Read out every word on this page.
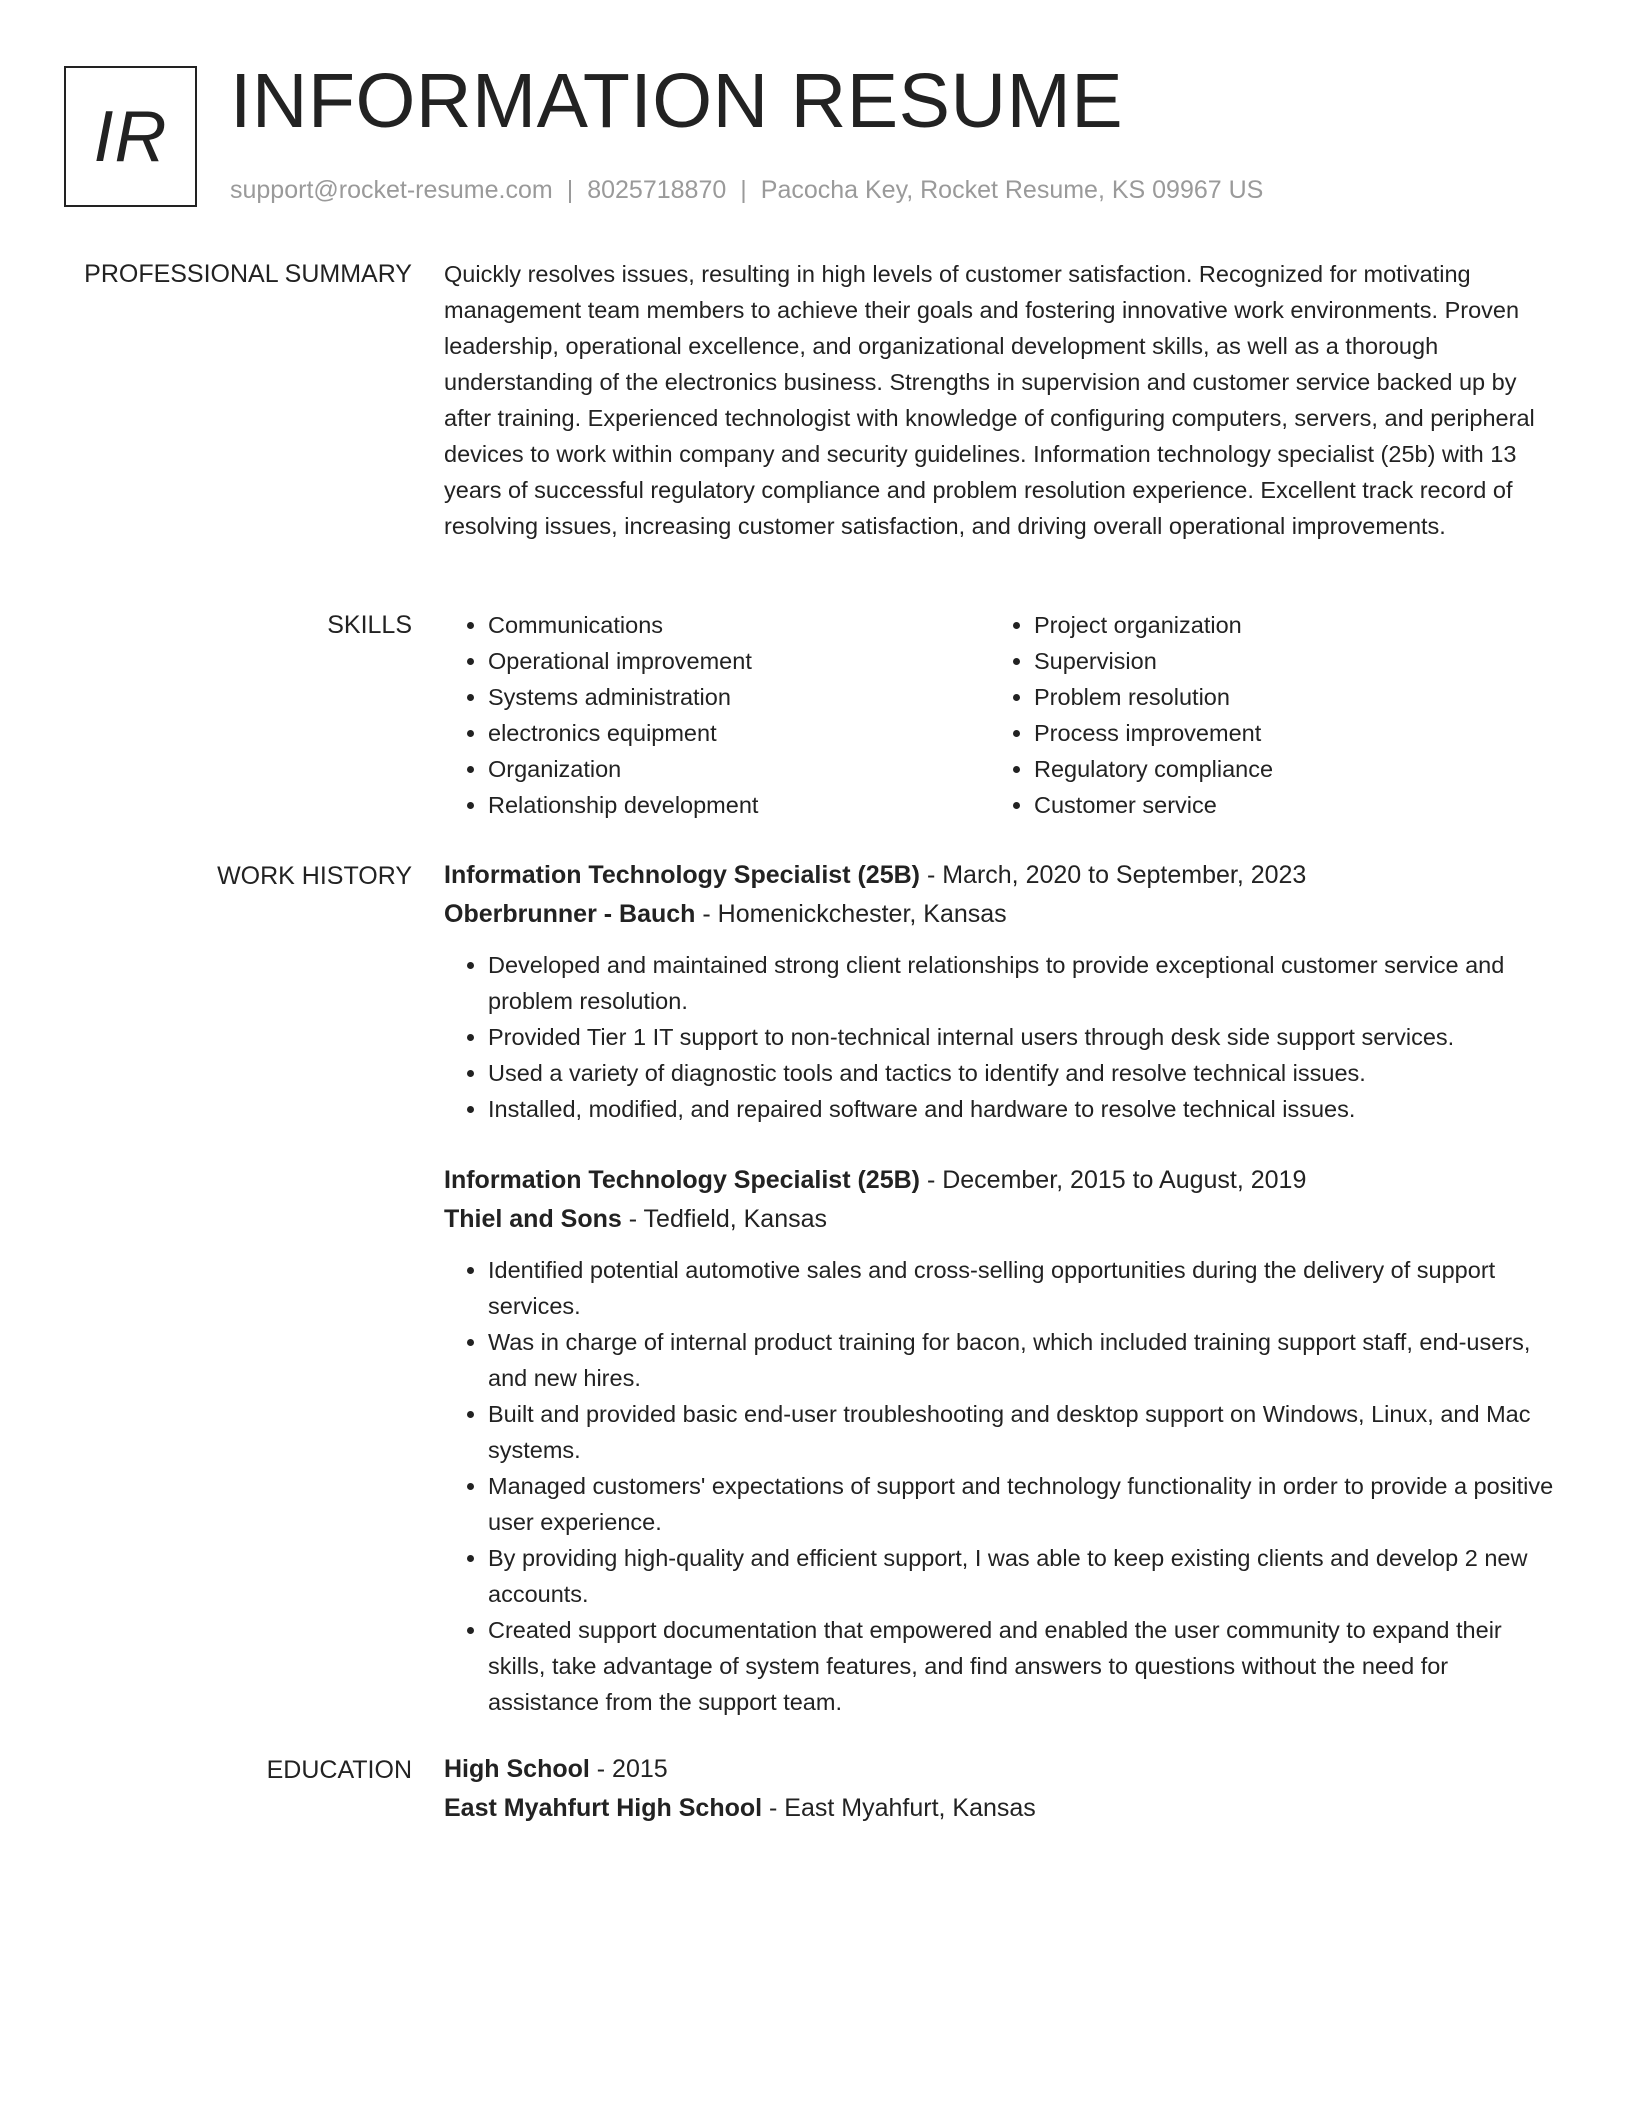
IR INFORMATION RESUME
support@rocket-resume.com | 8025718870 | Pacocha Key, Rocket Resume, KS 09967 US
PROFESSIONAL SUMMARY Quickly resolves issues, resulting in high levels of customer satisfaction. Recognized for motivating management team members to achieve their goals and fostering innovative work environments. Proven leadership, operational excellence, and organizational development skills, as well as a thorough understanding of the electronics business. Strengths in supervision and customer service backed up by after training. Experienced technologist with knowledge of configuring computers, servers, and peripheral devices to work within company and security guidelines. Information technology specialist (25b) with 13 years of successful regulatory compliance and problem resolution experience. Excellent track record of resolving issues, increasing customer satisfaction, and driving overall operational improvements.

SKILLS
•	Communications
• Operational improvement
• Systems administration
• electronics equipment
• Organization
• Relationship development
• Project organization
• Supervision
• Problem resolution
• Process improvement
• Regulatory compliance
• Customer service
WORK HISTORY Information Technology Specialist (25B) - March, 2020 to September, 2023
Oberbrunner - Bauch - Homenickchester, Kansas
• Developed and maintained strong client relationships to provide exceptional customer service and problem resolution.
• Provided Tier 1 IT support to non-technical internal users through desk side support services.
• Used a variety of diagnostic tools and tactics to identify and resolve technical issues.
• Installed, modified, and repaired software and hardware to resolve technical issues.
Information Technology Specialist (25B) - December, 2015 to August, 2019
Thiel and Sons - Tedfield, Kansas
• Identified potential automotive sales and cross-selling opportunities during the delivery of support services.
• Was in charge of internal product training for bacon, which included training support staff, end-users, and new hires.
• Built and provided basic end-user troubleshooting and desktop support on Windows, Linux, and Mac systems.
• Managed customers' expectations of support and technology functionality in order to provide a positive user experience.
• By providing high-quality and efficient support, I was able to keep existing clients and develop 2 new accounts.
• Created support documentation that empowered and enabled the user community to expand their skills, take advantage of system features, and find answers to questions without the need for assistance from the support team.
EDUCATION High School - 2015
East Myahfurt High School - East Myahfurt, Kansas
